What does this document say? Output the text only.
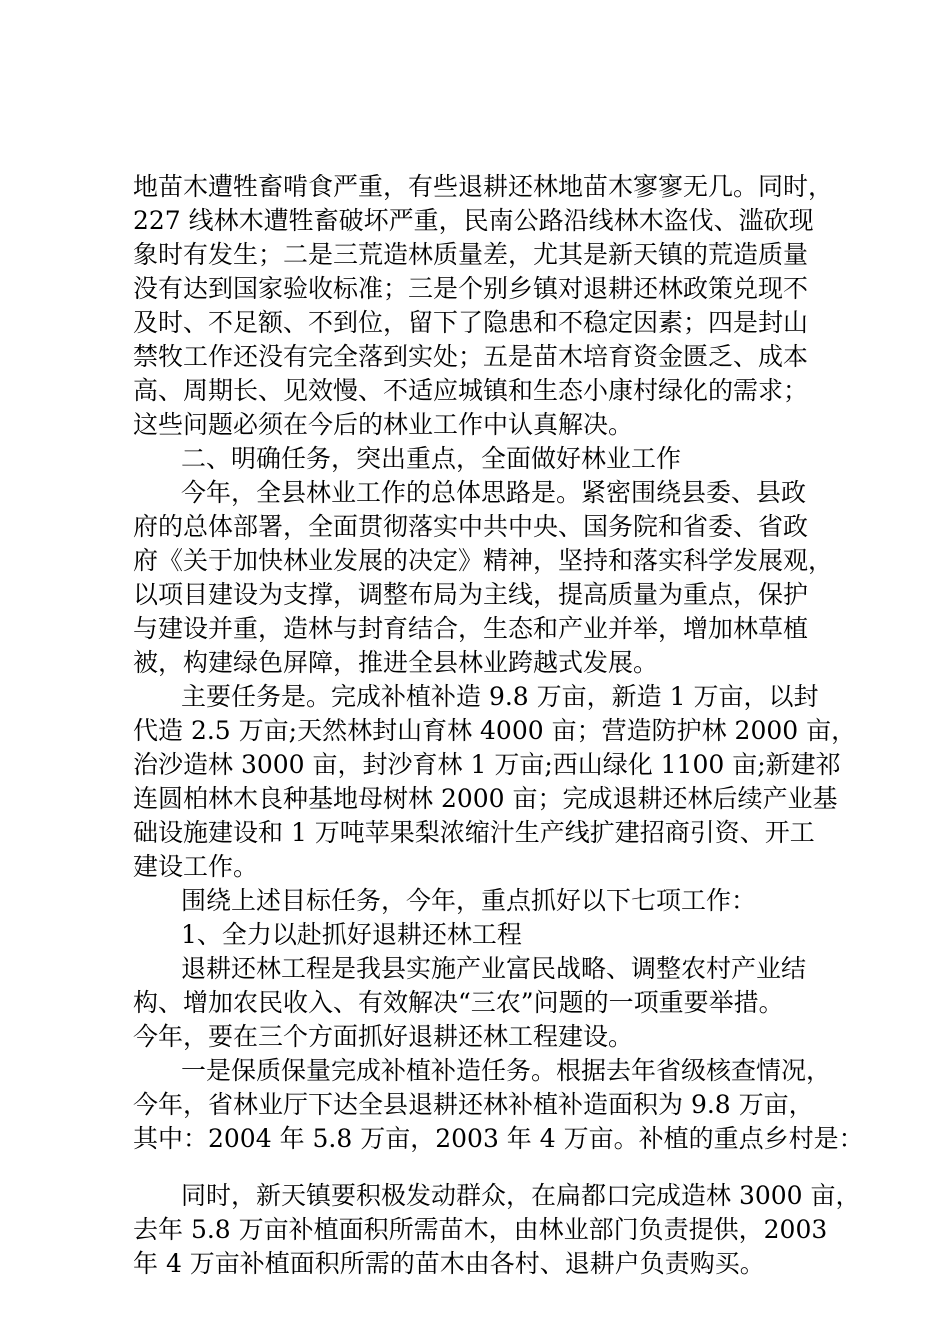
地苗木遭牲畜啃食严重，有些退耕还林地苗木寥寥无几。同时，
227 线林木遭牲畜破坏严重，民南公路沿线林木盗伐、滥砍现
象时有发生；二是三荒造林质量差，尤其是新天镇的荒造质量
没有达到国家验收标准；三是个别乡镇对退耕还林政策兑现不
及时、不足额、不到位，留下了隐患和不稳定因素；四是封山
禁牧工作还没有完全落到实处；五是苗木培育资金匮乏、成本
高、周期长、见效慢、不适应城镇和生态小康村绿化的需求；
这些问题必须在今后的林业工作中认真解决。
二、明确任务，突出重点，全面做好林业工作
今年，全县林业工作的总体思路是。紧密围绕县委、县政
府的总体部署，全面贯彻落实中共中央、国务院和省委、省政
府《关于加快林业发展的决定》精神，坚持和落实科学发展观，
以项目建设为支撑，调整布局为主线，提高质量为重点，保护
与建设并重，造林与封育结合，生态和产业并举，增加林草植
被，构建绿色屏障，推进全县林业跨越式发展。
主要任务是。完成补植补造 9.8 万亩，新造 1 万亩，以封
代造 2.5 万亩;天然林封山育林 4000 亩；营造防护林 2000 亩，
治沙造林 3000 亩，封沙育林 1 万亩;西山绿化 1100 亩;新建祁
连圆柏林木良种基地母树林 2000 亩；完成退耕还林后续产业基
础设施建设和 1 万吨苹果梨浓缩汁生产线扩建招商引资、开工
建设工作。
围绕上述目标任务，今年，重点抓好以下七项工作：
1、全力以赴抓好退耕还林工程
退耕还林工程是我县实施产业富民战略、调整农村产业结
构、增加农民收入、有效解决“三农”问题的一项重要举措。
今年，要在三个方面抓好退耕还林工程建设。
一是保质保量完成补植补造任务。根据去年省级核查情况，
今年，省林业厅下达全县退耕还林补植补造面积为 9.8 万亩，
其中：2004 年 5.8 万亩，2003 年 4 万亩。补植的重点乡村是：
同时，新天镇要积极发动群众，在扁都口完成造林 3000 亩，
去年 5.8 万亩补植面积所需苗木，由林业部门负责提供，2003
年 4 万亩补植面积所需的苗木由各村、退耕户负责购买。
